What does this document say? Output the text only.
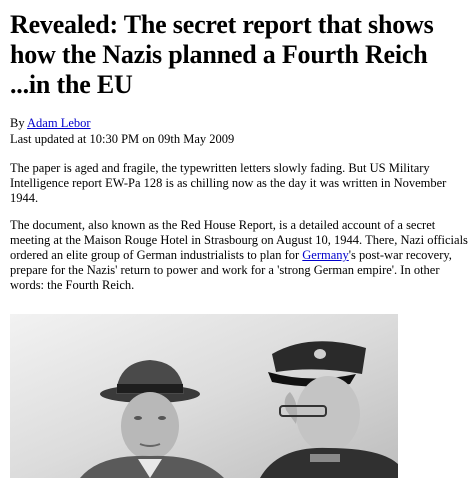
Revealed: The secret report that shows
how the Nazis planned a Fourth Reich
...in the EU
By Adam Lebor
Last updated at 10:30 PM on 09th May 2009

The paper is aged and fragile, the typewritten letters slowly fading. But US Military Intelligence report EW-Pa 128 is as chilling now as the day it was written in November 1944.

The document, also known as the Red House Report, is a detailed account of a secret meeting at the Maison Rouge Hotel in Strasbourg on August 10, 1944. There, Nazi officials ordered an elite group of German industrialists to plan for Germany's post-war recovery, prepare for the Nazis' return to power and work for a 'strong German empire'. In other words: the Fourth Reich.
